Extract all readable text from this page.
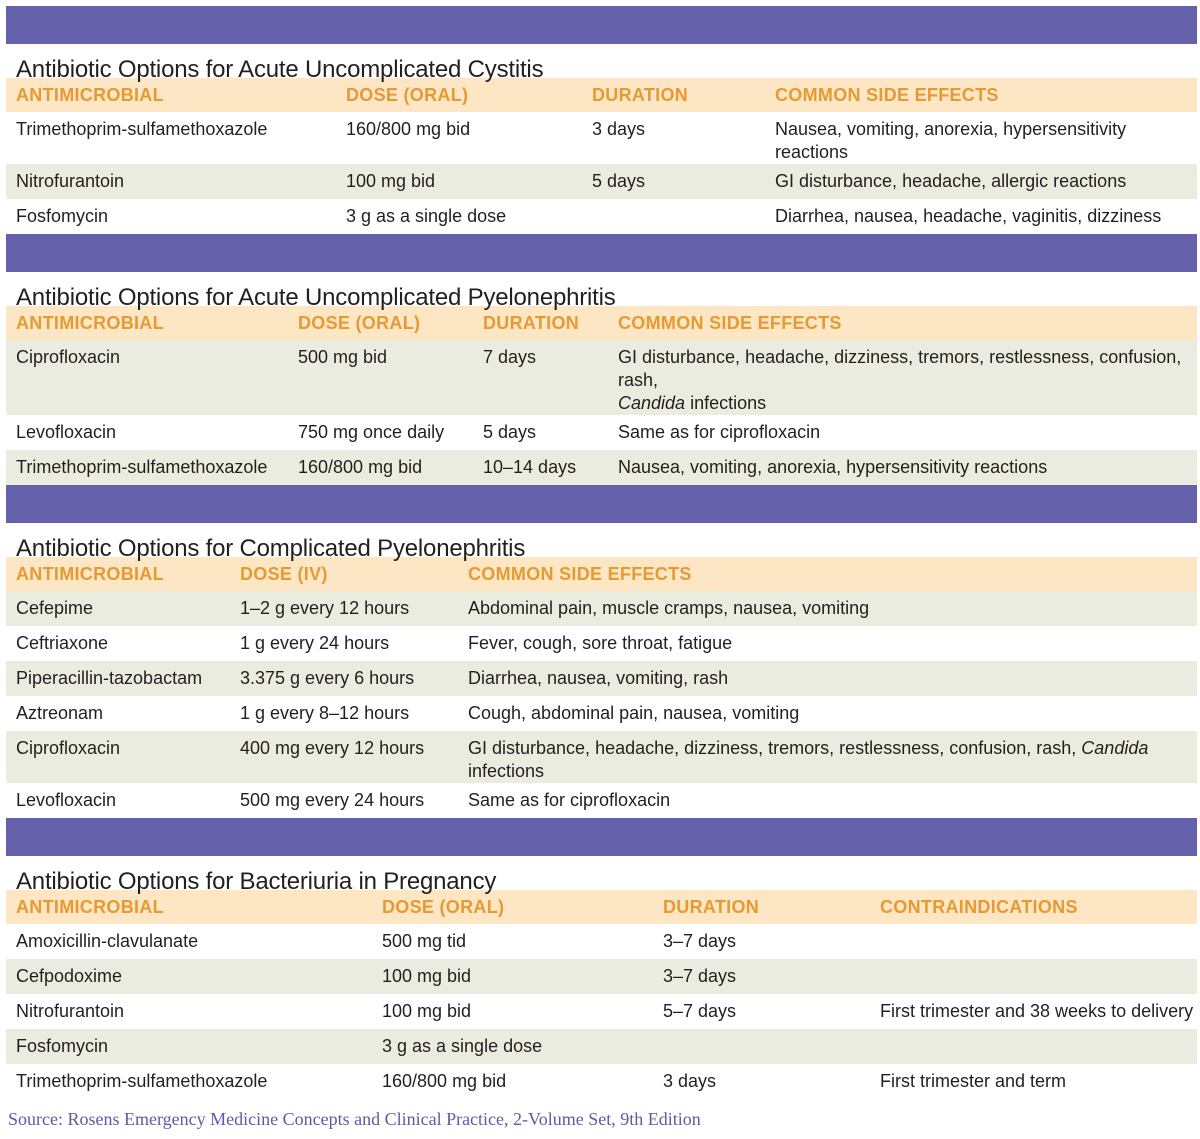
Antibiotic Options for Acute Uncomplicated Cystitis
ANTIMICROBIAL	DOSE (ORAL)	DURATION	COMMON SIDE EFFECTS
Trimethoprim-sulfamethoxazole	160/800 mg bid	3 days	Nausea, vomiting, anorexia, hypersensitivity reactions
Nitrofurantoin	100 mg bid	5 days	GI disturbance, headache, allergic reactions
Fosfomycin	3 g as a single dose		Diarrhea, nausea, headache, vaginitis, dizziness
Antibiotic Options for Acute Uncomplicated Pyelonephritis
ANTIMICROBIAL	DOSE (ORAL)	DURATION	COMMON SIDE EFFECTS
Ciprofloxacin	500 mg bid	7 days	GI disturbance, headache, dizziness, tremors, restlessness, confusion, rash,
Candida infections
Levofloxacin	750 mg once daily	5 days	Same as for ciprofloxacin
Trimethoprim-sulfamethoxazole	160/800 mg bid	10–14 days	Nausea, vomiting, anorexia, hypersensitivity reactions
Antibiotic Options for Complicated Pyelonephritis
ANTIMICROBIAL	DOSE (IV)	COMMON SIDE EFFECTS
Cefepime	1–2 g every 12 hours	Abdominal pain, muscle cramps, nausea, vomiting
Ceftriaxone	1 g every 24 hours	Fever, cough, sore throat, fatigue
Piperacillin-tazobactam	3.375 g every 6 hours	Diarrhea, nausea, vomiting, rash
Aztreonam	1 g every 8–12 hours	Cough, abdominal pain, nausea, vomiting
Ciprofloxacin	400 mg every 12 hours	GI disturbance, headache, dizziness, tremors, restlessness, confusion, rash, Candida infections
Levofloxacin	500 mg every 24 hours	Same as for ciprofloxacin
Antibiotic Options for Bacteriuria in Pregnancy
ANTIMICROBIAL	DOSE (ORAL)	DURATION	CONTRAINDICATIONS
Amoxicillin-clavulanate	500 mg tid	3–7 days	
Cefpodoxime	100 mg bid	3–7 days	
Nitrofurantoin	100 mg bid	5–7 days	First trimester and 38 weeks to delivery
Fosfomycin	3 g as a single dose		
Trimethoprim-sulfamethoxazole	160/800 mg bid	3 days	First trimester and term
Source: Rosens Emergency Medicine Concepts and Clinical Practice, 2-Volume Set, 9th Edition
